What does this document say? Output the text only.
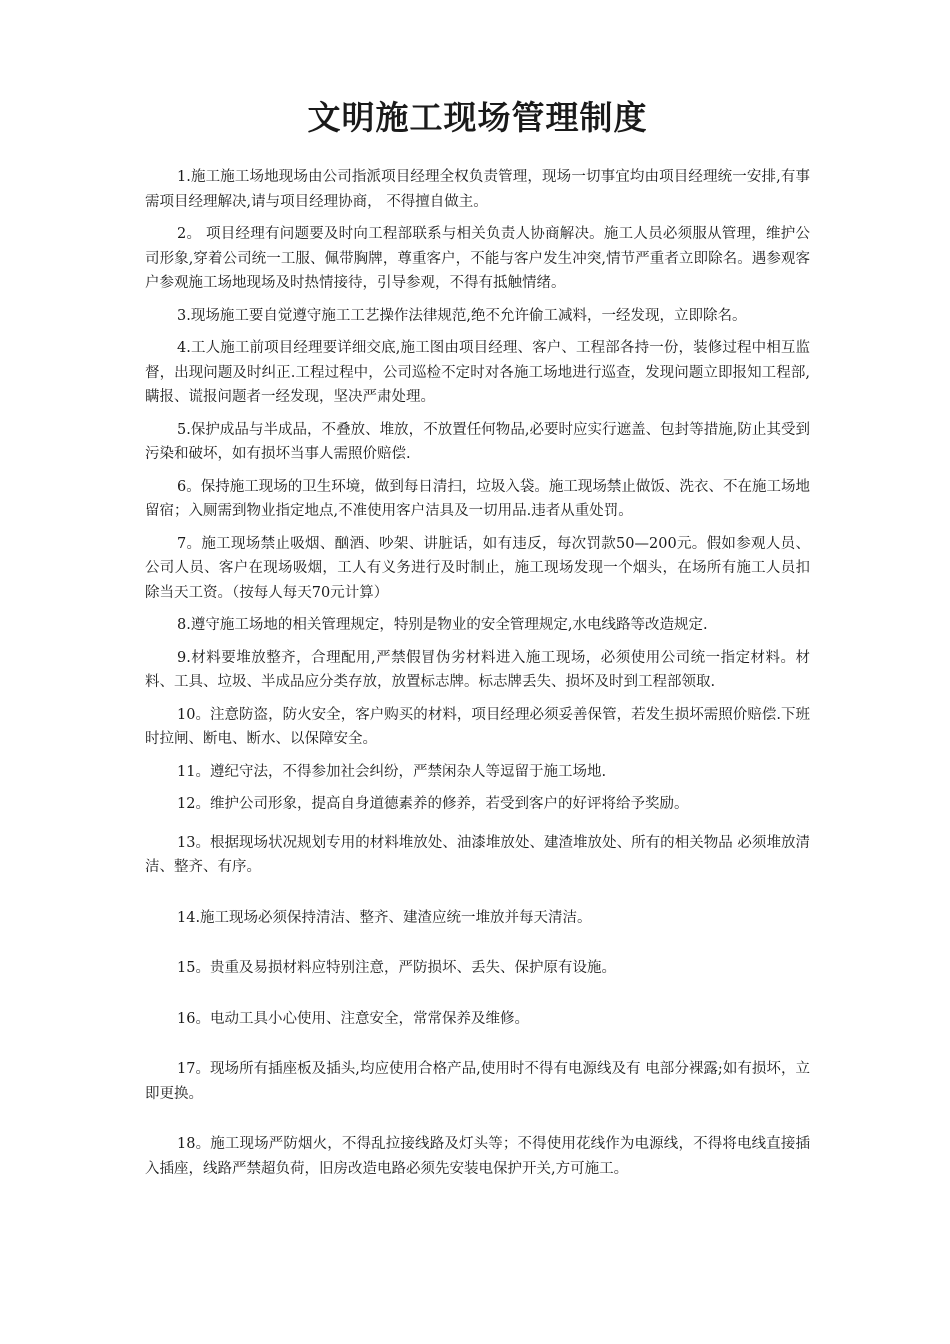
文明施工现场管理制度

1.施工施工场地现场由公司指派项目经理全权负责管理，现场一切事宜均由项目经理统一安排,有事需项目经理解决,请与项目经理协商， 不得擅自做主。

2。 项目经理有问题要及时向工程部联系与相关负责人协商解决。施工人员必须服从管理，维护公司形象,穿着公司统一工服、佩带胸牌，尊重客户，不能与客户发生冲突,情节严重者立即除名。遇参观客户参观施工场地现场及时热情接待，引导参观，不得有抵触情绪。

3.现场施工要自觉遵守施工工艺操作法律规范,绝不允许偷工减料，一经发现，立即除名。

4.工人施工前项目经理要详细交底,施工图由项目经理、客户、工程部各持一份，装修过程中相互监督，出现问题及时纠正.工程过程中，公司巡检不定时对各施工场地进行巡查，发现问题立即报知工程部,瞒报、谎报问题者一经发现，坚决严肃处理。

5.保护成品与半成品，不叠放、堆放，不放置任何物品,必要时应实行遮盖、包封等措施,防止其受到污染和破坏，如有损坏当事人需照价赔偿.

6。保持施工现场的卫生环境，做到每日清扫，垃圾入袋。施工现场禁止做饭、洗衣、不在施工场地留宿；入厕需到物业指定地点,不准使用客户洁具及一切用品.违者从重处罚。

7。施工现场禁止吸烟、酗酒、吵架、讲脏话，如有违反，每次罚款50—200元。假如参观人员、公司人员、客户在现场吸烟，工人有义务进行及时制止，施工现场发现一个烟头，在场所有施工人员扣除当天工资。（按每人每天70元计算）

8.遵守施工场地的相关管理规定，特别是物业的安全管理规定,水电线路等改造规定.

9.材料要堆放整齐，合理配用,严禁假冒伪劣材料进入施工现场，必须使用公司统一指定材料。材料、工具、垃圾、半成品应分类存放，放置标志牌。标志牌丢失、损坏及时到工程部领取.

10。注意防盗，防火安全，客户购买的材料，项目经理必须妥善保管，若发生损坏需照价赔偿.下班时拉闸、断电、断水、以保障安全。

11。遵纪守法，不得参加社会纠纷，严禁闲杂人等逗留于施工场地.

12。维护公司形象，提高自身道德素养的修养，若受到客户的好评将给予奖励。

13。根据现场状况规划专用的材料堆放处、油漆堆放处、建渣堆放处、所有的相关物品 必须堆放清洁、整齐、有序。

14.施工现场必须保持清洁、整齐、建渣应统一堆放并每天清洁。

15。贵重及易损材料应特别注意，严防损坏、丢失、保护原有设施。

16。电动工具小心使用、注意安全，常常保养及维修。

17。现场所有插座板及插头,均应使用合格产品,使用时不得有电源线及有 电部分裸露;如有损坏，立即更换。

18。施工现场严防烟火，不得乱拉接线路及灯头等；不得使用花线作为电源线，不得将电线直接插入插座，线路严禁超负荷，旧房改造电路必须先安装电保护开关,方可施工。
